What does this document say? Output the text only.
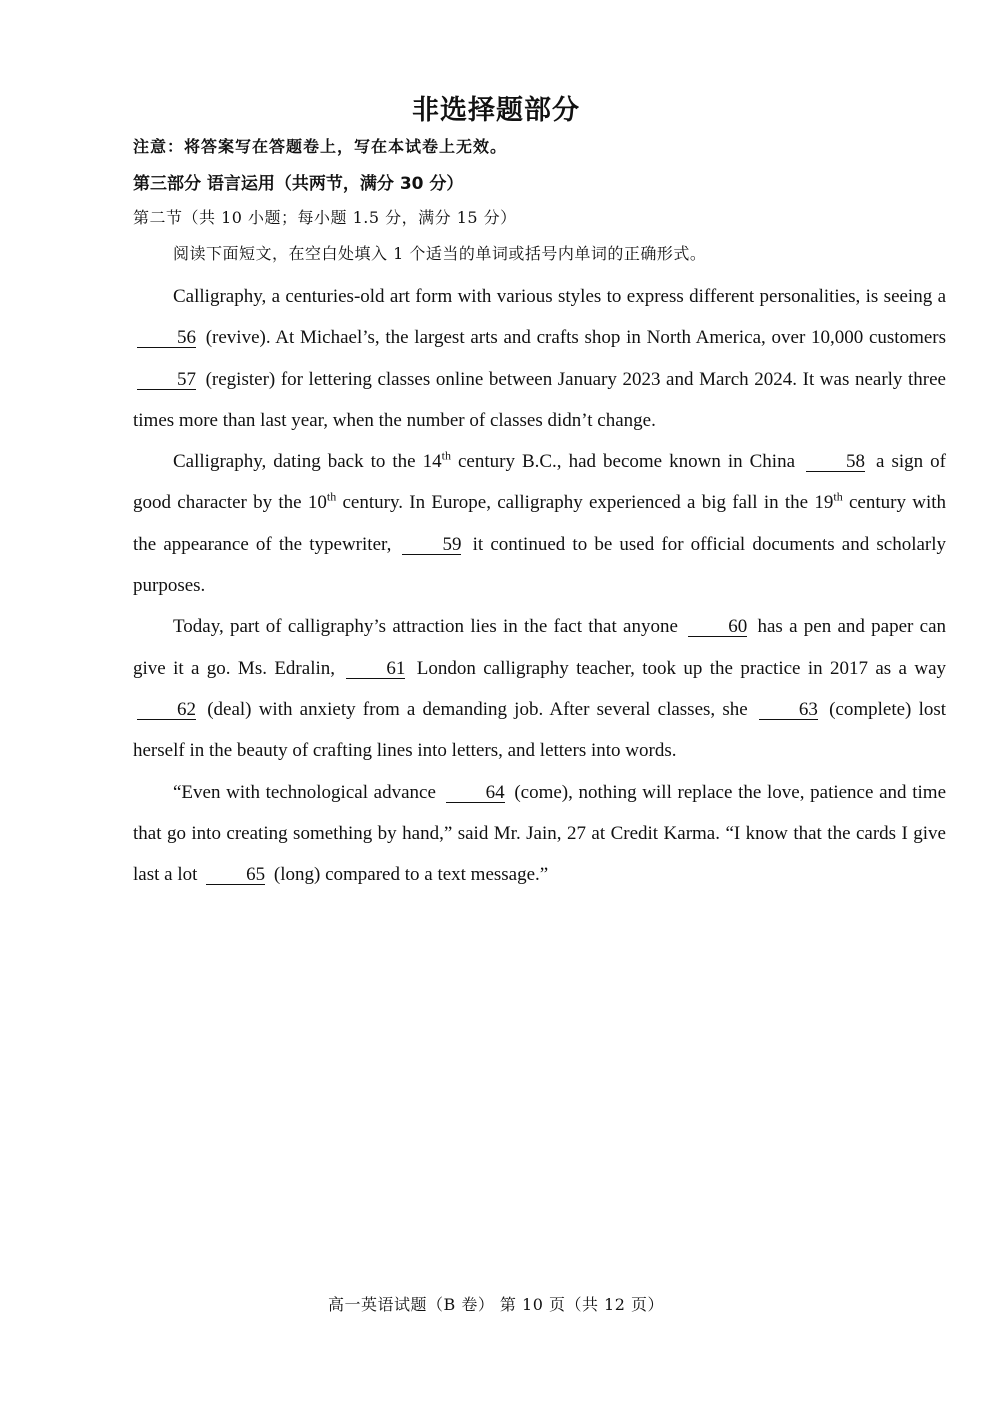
非选择题部分
注意：将答案写在答题卷上，写在本试卷上无效。
第三部分 语言运用（共两节，满分 30 分）
第二节（共 10 小题；每小题 1.5 分，满分 15 分）
阅读下面短文，在空白处填入 1 个适当的单词或括号内单词的正确形式。

Calligraphy, a centuries-old art form with various styles to express different personalities, is seeing a 56 (revive). At Michael’s, the largest arts and crafts shop in North America, over 10,000 customers 57 (register) for lettering classes online between January 2023 and March 2024. It was nearly three times more than last year, when the number of classes didn’t change.

Calligraphy, dating back to the 14th century B.C., had become known in China	58 a sign of good character by the 10th century. In Europe, calligraphy experienced a big fall in the 19th century with the appearance of the typewriter,	59 it continued to be used for official documents and scholarly purposes.

Today, part of calligraphy’s attraction lies in the fact that anyone	60 has a pen and paper can give it a go. Ms. Edralin,	61 London calligraphy teacher, took up the practice in 2017 as a way 62 (deal) with anxiety from a demanding job. After several classes, she	63 (complete) lost herself in the beauty of crafting lines into letters, and letters into words.

“Even with technological advance	64 (come), nothing will replace the love, patience and time that go into creating something by hand,” said Mr. Jain, 27 at Credit Karma. “I know that the cards I give last a lot	65 (long) compared to a text message.”

高一英语试题（B 卷） 第 10 页（共 12 页）
